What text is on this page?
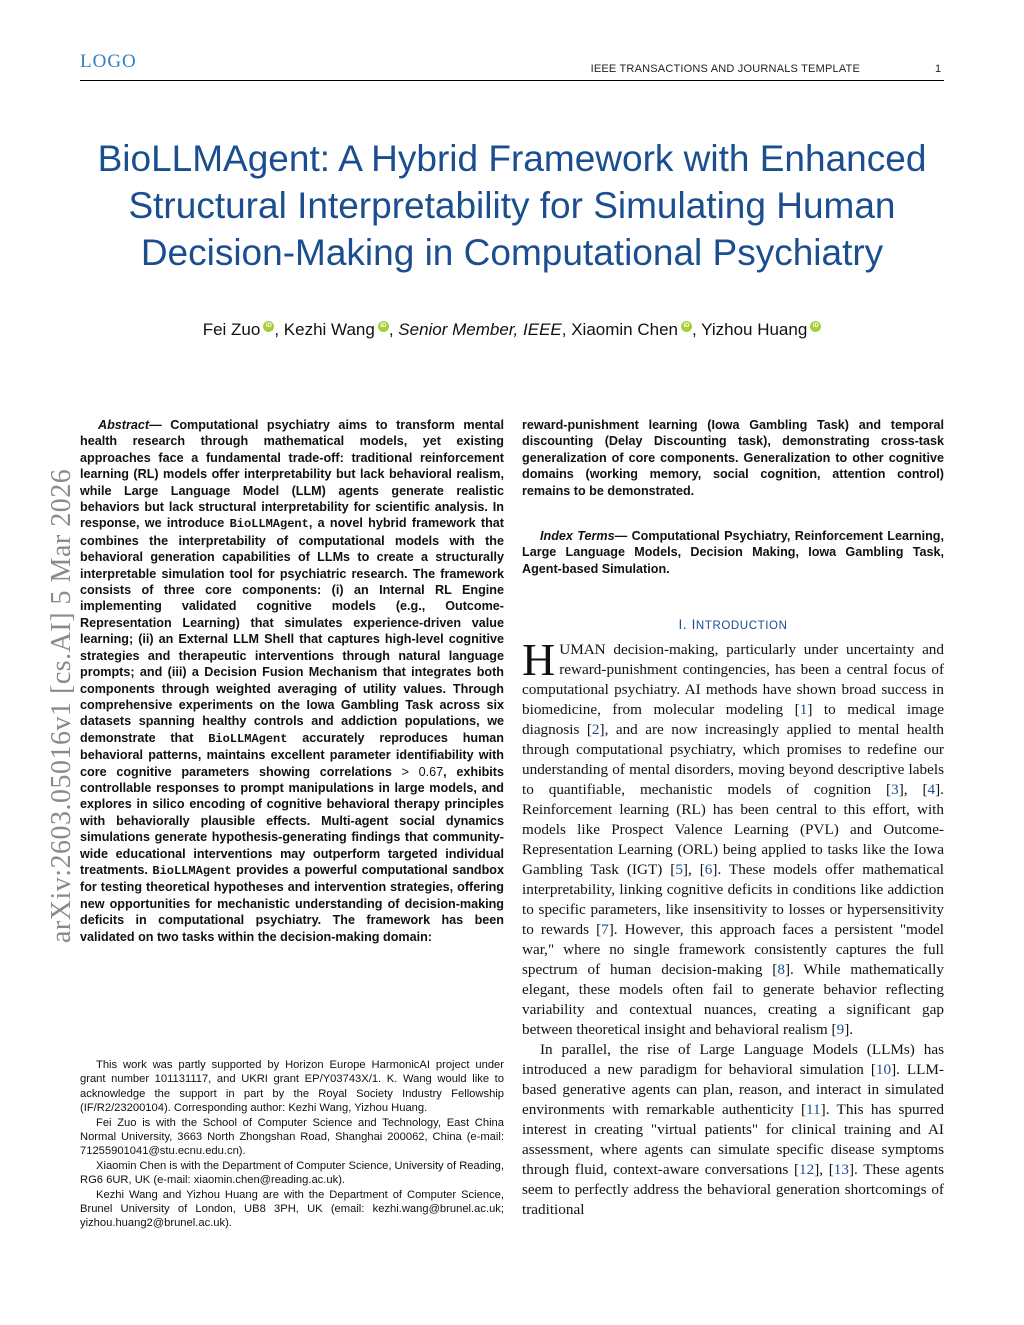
LOGO	IEEE TRANSACTIONS AND JOURNALS TEMPLATE	1
arXiv:2603.05016v1 [cs.AI] 5 Mar 2026
BioLLMAgent: A Hybrid Framework with Enhanced Structural Interpretability for Simulating Human Decision-Making in Computational Psychiatry
Fei Zuo iD , Kezhi Wang iD , Senior Member, IEEE, Xiaomin Chen iD , Yizhou Huang iD

Abstract— Computational psychiatry aims to transform mental health research through mathematical models, yet existing approaches face a fundamental trade-off: traditional reinforcement learning (RL) models offer interpretability but lack behavioral realism, while Large Language Model (LLM) agents generate realistic behaviors but lack structural interpretability for scientific analysis. In response, we introduce BioLLMAgent, a novel hybrid framework that combines the interpretability of computational models with the behavioral generation capabilities of LLMs to create a structurally interpretable simulation tool for psychiatric research. The framework consists of three core components: (i) an Internal RL Engine implementing validated cognitive models (e.g., Outcome-Representation Learning) that simulates experience-driven value learning; (ii) an External LLM Shell that captures high-level cognitive strategies and therapeutic interventions through natural language prompts; and (iii) a Decision Fusion Mechanism that integrates both components through weighted averaging of utility values. Through comprehensive experiments on the Iowa Gambling Task across six datasets spanning healthy controls and addiction populations, we demonstrate that BioLLMAgent accurately reproduces human behavioral patterns, maintains excellent parameter identifiability with core cognitive parameters showing correlations > 0.67, exhibits controllable responses to prompt manipulations in large models, and explores in silico encoding of cognitive behavioral therapy principles with behaviorally plausible effects. Multi-agent social dynamics simulations generate hypothesis-generating findings that community-wide educational interventions may outperform targeted individual treatments. BioLLMAgent provides a powerful computational sandbox for testing theoretical hypotheses and intervention strategies, offering new opportunities for mechanistic understanding of decision-making deficits in computational psychiatry. The framework has been validated on two tasks within the decision-making domain:

This work was partly supported by Horizon Europe HarmonicAI project under grant number 101131117, and UKRI grant EP/Y03743X/1. K. Wang would like to acknowledge the support in part by the Royal Society Industry Fellowship (IF/R2/23200104). Corresponding author: Kezhi Wang, Yizhou Huang.

Fei Zuo is with the School of Computer Science and Technology, East China Normal University, 3663 North Zhongshan Road, Shanghai 200062, China (e-mail: 71255901041@stu.ecnu.edu.cn).

Xiaomin Chen is with the Department of Computer Science, University of Reading, RG6 6UR, UK (e-mail: xiaomin.chen@reading.ac.uk).

Kezhi Wang and Yizhou Huang are with the Department of Computer Science, Brunel University of London, UB8 3PH, UK (email: kezhi.wang@brunel.ac.uk; yizhou.huang2@brunel.ac.uk).

reward-punishment learning (Iowa Gambling Task) and temporal discounting (Delay Discounting task), demonstrating cross-task generalization of core components. Generalization to other cognitive domains (working memory, social cognition, attention control) remains to be demonstrated.

Index Terms— Computational Psychiatry, Reinforcement Learning, Large Language Models, Decision Making, Iowa Gambling Task, Agent-based Simulation.

I. INTRODUCTION

HUMAN decision-making, particularly under uncertainty and reward-punishment contingencies, has been a central focus of computational psychiatry. AI methods have shown broad success in biomedicine, from molecular modeling [1] to medical image diagnosis [2], and are now increasingly applied to mental health through computational psychiatry, which promises to redefine our understanding of mental disorders, moving beyond descriptive labels to quantifiable, mechanistic models of cognition [3], [4]. Reinforcement learning (RL) has been central to this effort, with models like Prospect Valence Learning (PVL) and Outcome-Representation Learning (ORL) being applied to tasks like the Iowa Gambling Task (IGT) [5], [6]. These models offer mathematical interpretability, linking cognitive deficits in conditions like addiction to specific parameters, like insensitivity to losses or hypersensitivity to rewards [7]. However, this approach faces a persistent "model war," where no single framework consistently captures the full spectrum of human decision-making [8]. While mathematically elegant, these models often fail to generate behavior reflecting variability and contextual nuances, creating a significant gap between theoretical insight and behavioral realism [9].

In parallel, the rise of Large Language Models (LLMs) has introduced a new paradigm for behavioral simulation [10]. LLM-based generative agents can plan, reason, and interact in simulated environments with remarkable authenticity [11]. This has spurred interest in creating "virtual patients" for clinical training and AI assessment, where agents can simulate specific disease symptoms through fluid, context-aware conversations [12], [13]. These agents seem to perfectly address the behavioral generation shortcomings of traditional
